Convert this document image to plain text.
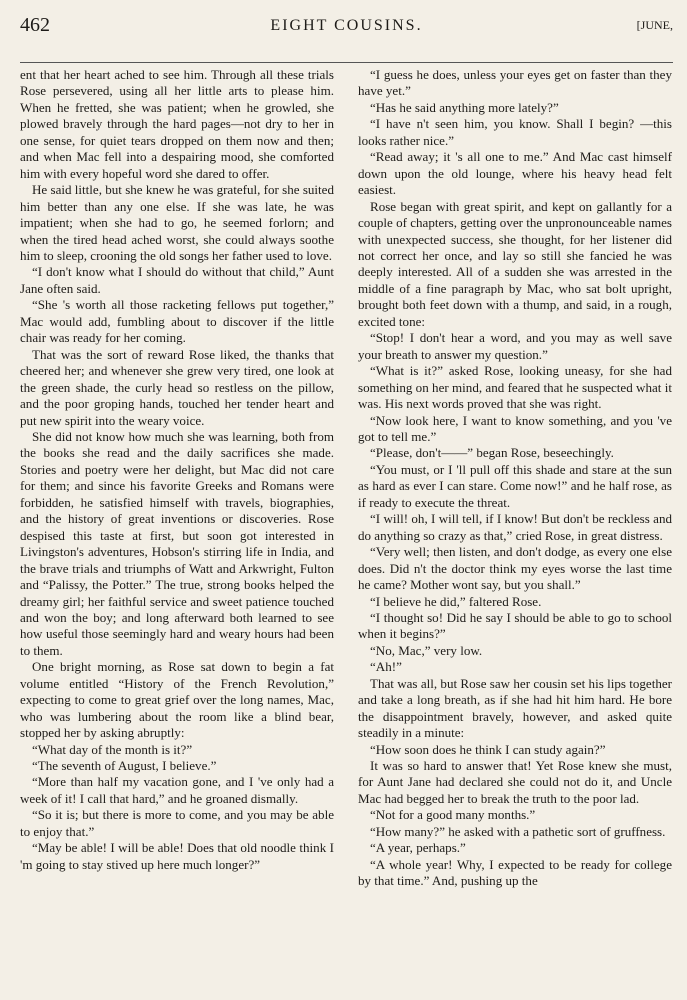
462	EIGHT COUSINS.	[JUNE,

ent that her heart ached to see him. Through all these trials Rose persevered, using all her little arts to please him. When he fretted, she was patient; when he growled, she plowed bravely through the hard pages—not dry to her in one sense, for quiet tears dropped on them now and then; and when Mac fell into a despairing mood, she comforted him with every hopeful word she dared to offer.

He said little, but she knew he was grateful, for she suited him better than any one else. If she was late, he was impatient; when she had to go, he seemed forlorn; and when the tired head ached worst, she could always soothe him to sleep, crooning the old songs her father used to love.

“I don't know what I should do without that child,” Aunt Jane often said.

“She 's worth all those racketing fellows put together,” Mac would add, fumbling about to discover if the little chair was ready for her coming.

That was the sort of reward Rose liked, the thanks that cheered her; and whenever she grew very tired, one look at the green shade, the curly head so restless on the pillow, and the poor groping hands, touched her tender heart and put new spirit into the weary voice.

She did not know how much she was learning, both from the books she read and the daily sacrifices she made. Stories and poetry were her delight, but Mac did not care for them; and since his favorite Greeks and Romans were forbidden, he satisfied himself with travels, biographies, and the history of great inventions or discoveries. Rose despised this taste at first, but soon got interested in Livingston's adventures, Hobson's stirring life in India, and the brave trials and triumphs of Watt and Arkwright, Fulton and “Palissy, the Potter.” The true, strong books helped the dreamy girl; her faithful service and sweet patience touched and won the boy; and long afterward both learned to see how useful those seemingly hard and weary hours had been to them.

One bright morning, as Rose sat down to begin a fat volume entitled “History of the French Revolution,” expecting to come to great grief over the long names, Mac, who was lumbering about the room like a blind bear, stopped her by asking abruptly:

“What day of the month is it?”

“The seventh of August, I believe.”

“More than half my vacation gone, and I 've only had a week of it! I call that hard,” and he groaned dismally.

“So it is; but there is more to come, and you may be able to enjoy that.”

“May be able! I will be able! Does that old noodle think I 'm going to stay stived up here much longer?”

“I guess he does, unless your eyes get on faster than they have yet.”

“Has he said anything more lately?”

“I have n't seen him, you know. Shall I begin? —this looks rather nice.”

“Read away; it 's all one to me.” And Mac cast himself down upon the old lounge, where his heavy head felt easiest.

Rose began with great spirit, and kept on gallantly for a couple of chapters, getting over the unpronounceable names with unexpected success, she thought, for her listener did not correct her once, and lay so still she fancied he was deeply interested. All of a sudden she was arrested in the middle of a fine paragraph by Mac, who sat bolt upright, brought both feet down with a thump, and said, in a rough, excited tone:

“Stop! I don't hear a word, and you may as well save your breath to answer my question.”

“What is it?” asked Rose, looking uneasy, for she had something on her mind, and feared that he suspected what it was. His next words proved that she was right.

“Now look here, I want to know something, and you 've got to tell me.”

“Please, don't——” began Rose, beseechingly.

“You must, or I 'll pull off this shade and stare at the sun as hard as ever I can stare. Come now!” and he half rose, as if ready to execute the threat.

“I will! oh, I will tell, if I know! But don't be reckless and do anything so crazy as that,” cried Rose, in great distress.

“Very well; then listen, and don't dodge, as every one else does. Did n't the doctor think my eyes worse the last time he came? Mother wont say, but you shall.”

“I believe he did,” faltered Rose.

“I thought so! Did he say I should be able to go to school when it begins?”

“No, Mac,” very low.

“Ah!”

That was all, but Rose saw her cousin set his lips together and take a long breath, as if she had hit him hard. He bore the disappointment bravely, however, and asked quite steadily in a minute:

“How soon does he think I can study again?”

It was so hard to answer that! Yet Rose knew she must, for Aunt Jane had declared she could not do it, and Uncle Mac had begged her to break the truth to the poor lad.

“Not for a good many months.”

“How many?” he asked with a pathetic sort of gruffness.

“A year, perhaps.”

“A whole year! Why, I expected to be ready for college by that time.” And, pushing up the
